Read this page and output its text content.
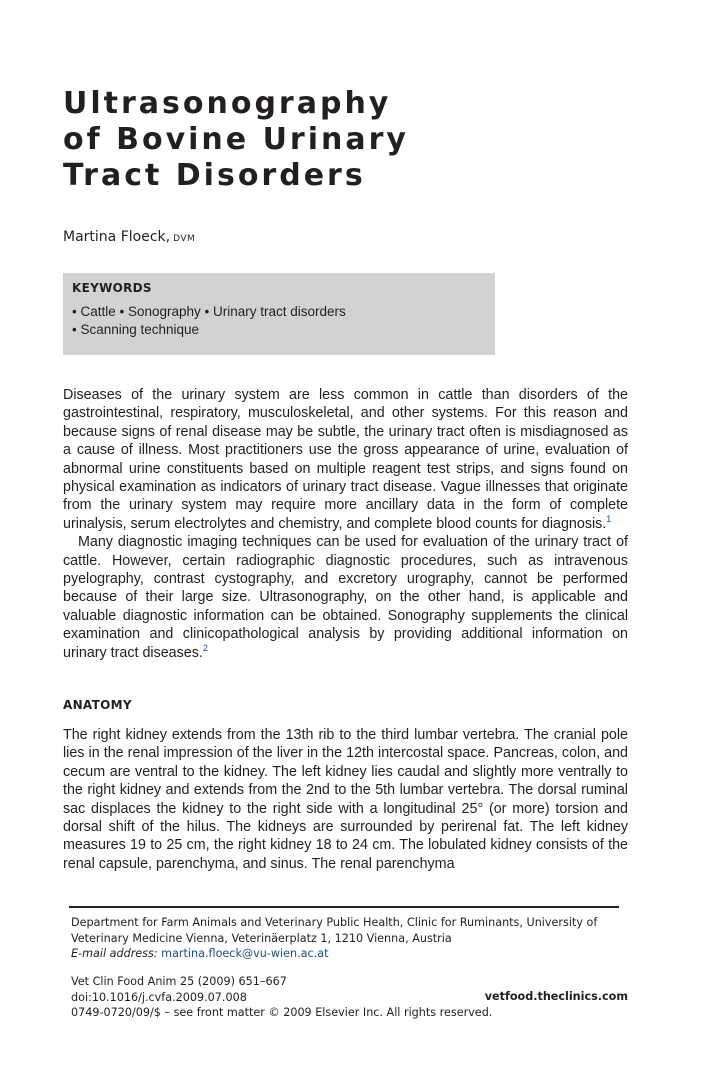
Ultrasonography
of Bovine Urinary
Tract Disorders
Martina Floeck, DVM
KEYWORDS
• Cattle • Sonography • Urinary tract disorders
• Scanning technique

Diseases of the urinary system are less common in cattle than disorders of the gastrointestinal, respiratory, musculoskeletal, and other systems. For this reason and because signs of renal disease may be subtle, the urinary tract often is misdiagnosed as a cause of illness. Most practitioners use the gross appearance of urine, evaluation of abnormal urine constituents based on multiple reagent test strips, and signs found on physical examination as indicators of urinary tract disease. Vague illnesses that originate from the urinary system may require more ancillary data in the form of complete urinalysis, serum electrolytes and chemistry, and complete blood counts for diagnosis.$^1$

Many diagnostic imaging techniques can be used for evaluation of the urinary tract of cattle. However, certain radiographic diagnostic procedures, such as intravenous pyelography, contrast cystography, and excretory urography, cannot be performed because of their large size. Ultrasonography, on the other hand, is applicable and valuable diagnostic information can be obtained. Sonography supplements the clinical examination and clinicopathological analysis by providing additional information on urinary tract diseases.$^2$

ANATOMY

The right kidney extends from the 13th rib to the third lumbar vertebra. The cranial pole lies in the renal impression of the liver in the 12th intercostal space. Pancreas, colon, and cecum are ventral to the kidney. The left kidney lies caudal and slightly more ventrally to the right kidney and extends from the 2nd to the 5th lumbar vertebra. The dorsal ruminal sac displaces the kidney to the right side with a longitudinal 25° (or more) torsion and dorsal shift of the hilus. The kidneys are surrounded by perirenal fat. The left kidney measures 19 to 25 cm, the right kidney 18 to 24 cm. The lobulated kidney consists of the renal capsule, parenchyma, and sinus. The renal parenchyma

Department for Farm Animals and Veterinary Public Health, Clinic for Ruminants, University of Veterinary Medicine Vienna, Veterinäerplatz 1, 1210 Vienna, Austria
E-mail address: martina.floeck@vu-wien.ac.at
Vet Clin Food Anim 25 (2009) 651–667
doi:10.1016/j.cvfa.2009.07.008
0749-0720/09/$ – see front matter © 2009 Elsevier Inc. All rights reserved.
vetfood.theclinics.com
